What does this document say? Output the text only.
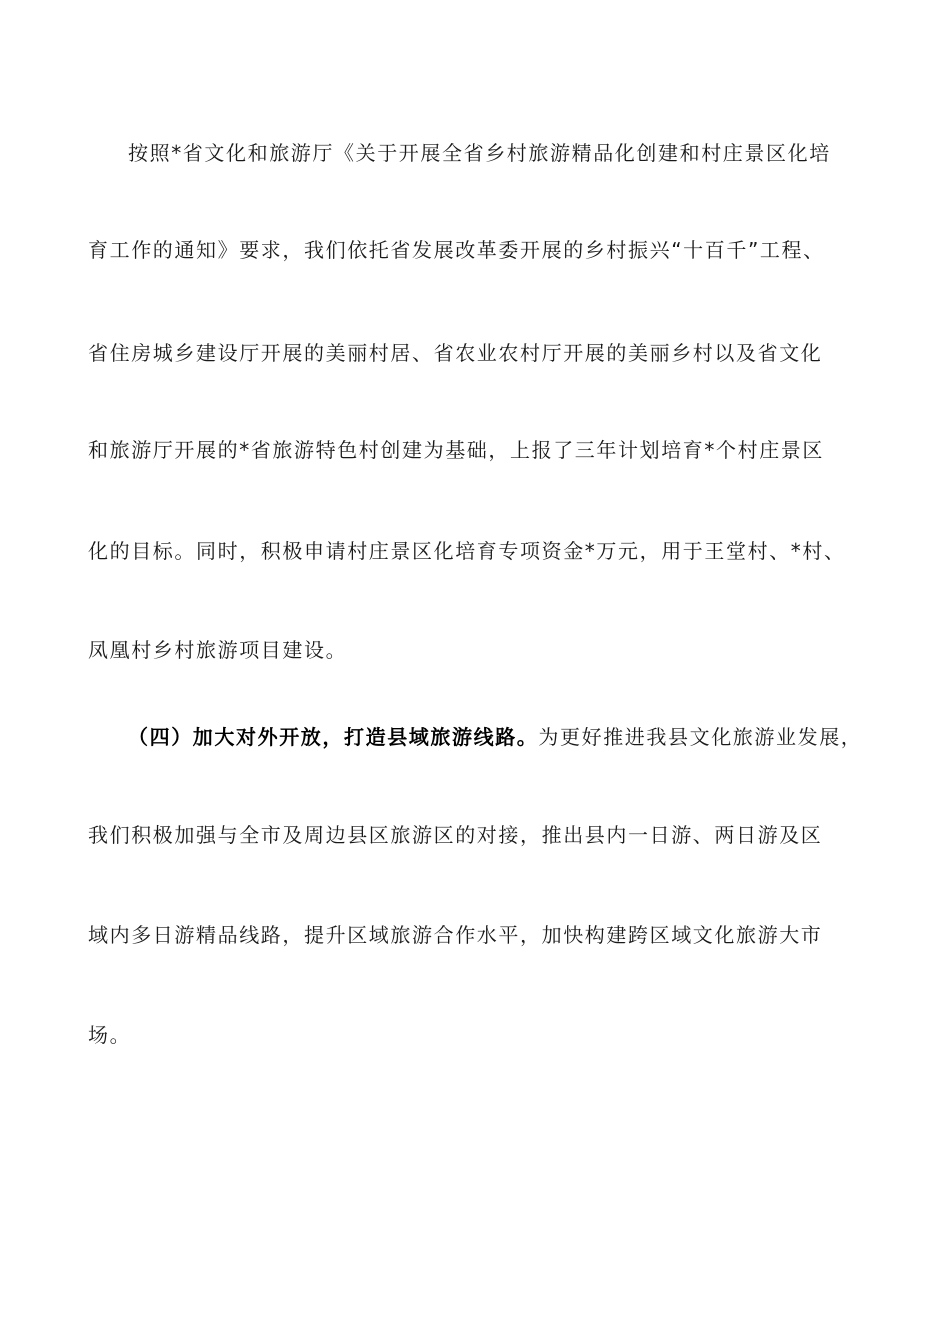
按照*省文化和旅游厅《关于开展全省乡村旅游精品化创建和村庄景区化培
育工作的通知》要求，我们依托省发展改革委开展的乡村振兴“十百千”工程、
省住房城乡建设厅开展的美丽村居、省农业农村厅开展的美丽乡村以及省文化
和旅游厅开展的*省旅游特色村创建为基础，上报了三年计划培育*个村庄景区
化的目标。同时，积极申请村庄景区化培育专项资金*万元，用于王堂村、*村、
凤凰村乡村旅游项目建设。
（四）加大对外开放，打造县域旅游线路。为更好推进我县文化旅游业发展，
我们积极加强与全市及周边县区旅游区的对接，推出县内一日游、两日游及区
域内多日游精品线路，提升区域旅游合作水平，加快构建跨区域文化旅游大市
场。
